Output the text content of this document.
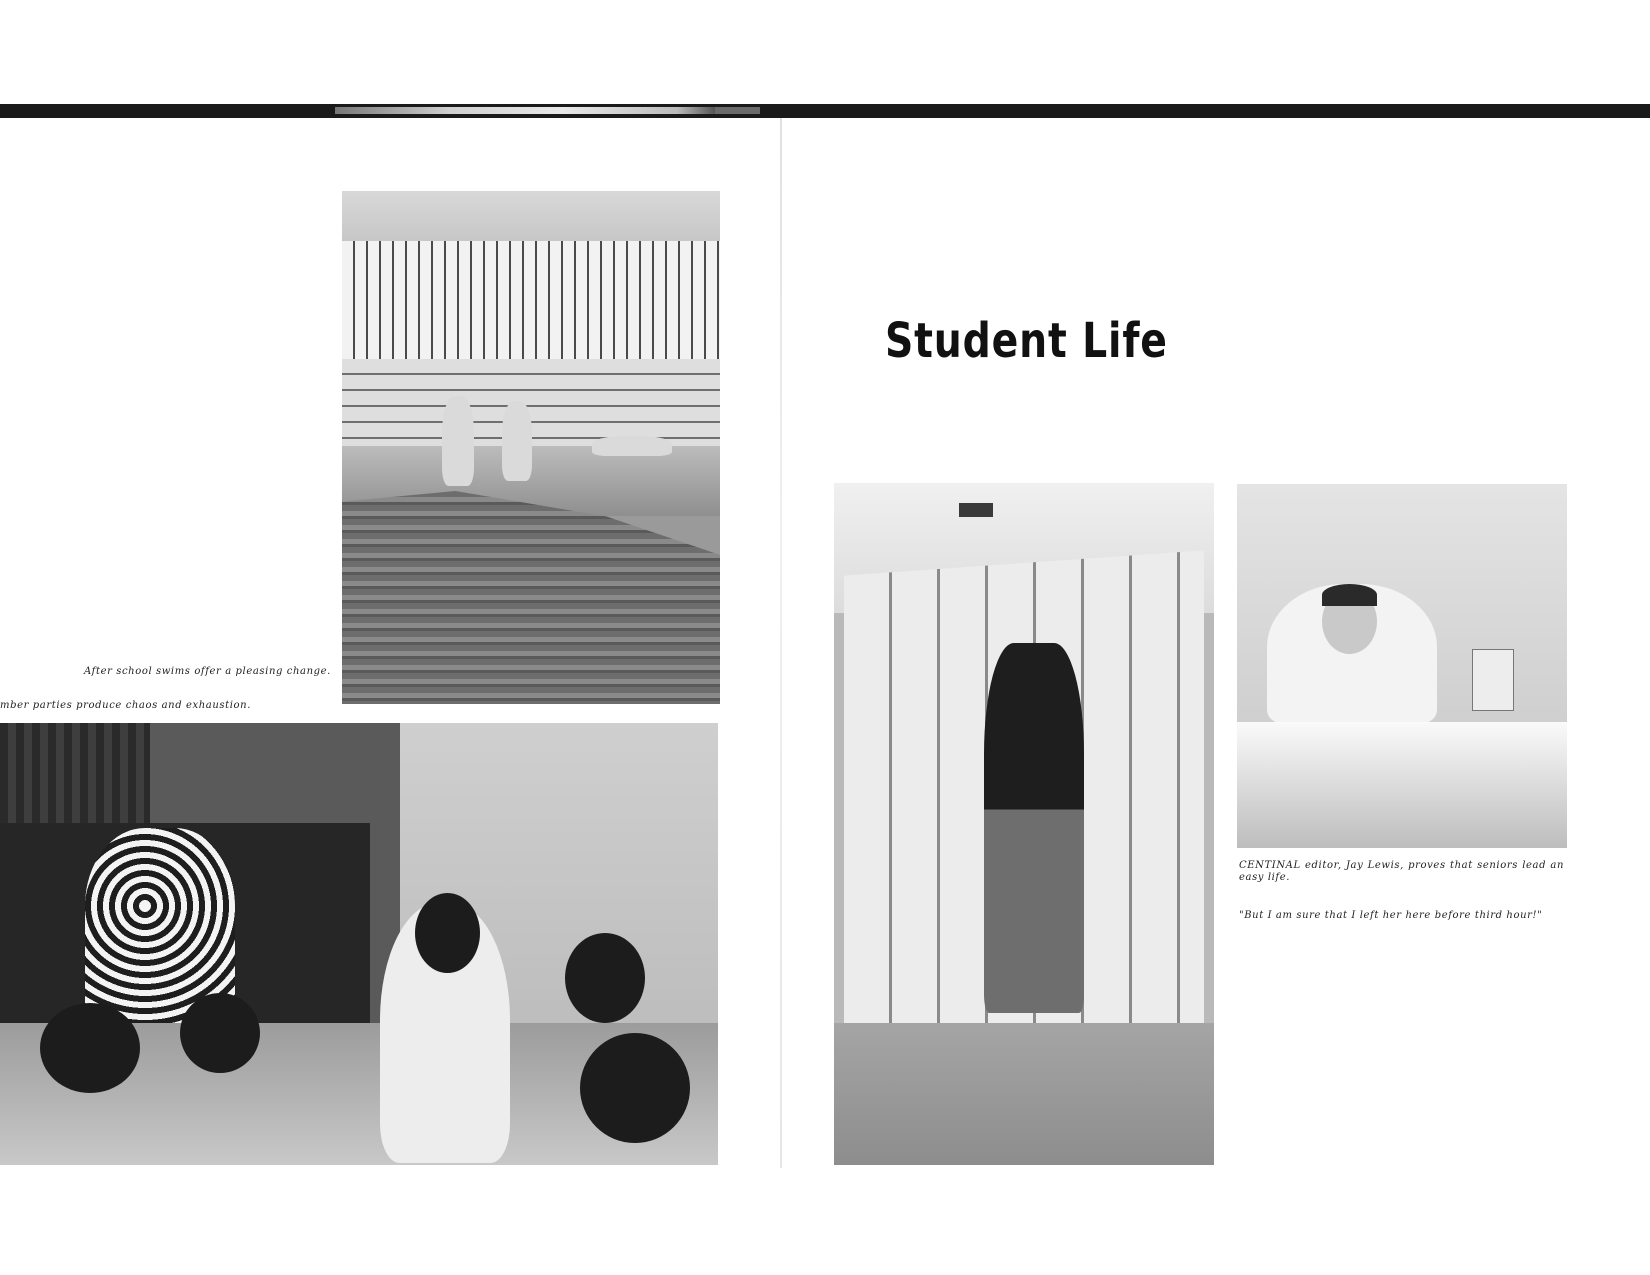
After school swims offer a pleasing change.
mber parties produce chaos and exhaustion.
Student Life
CENTINAL editor, Jay Lewis, proves that seniors lead an easy life.
"But I am sure that I left her here before third hour!"
